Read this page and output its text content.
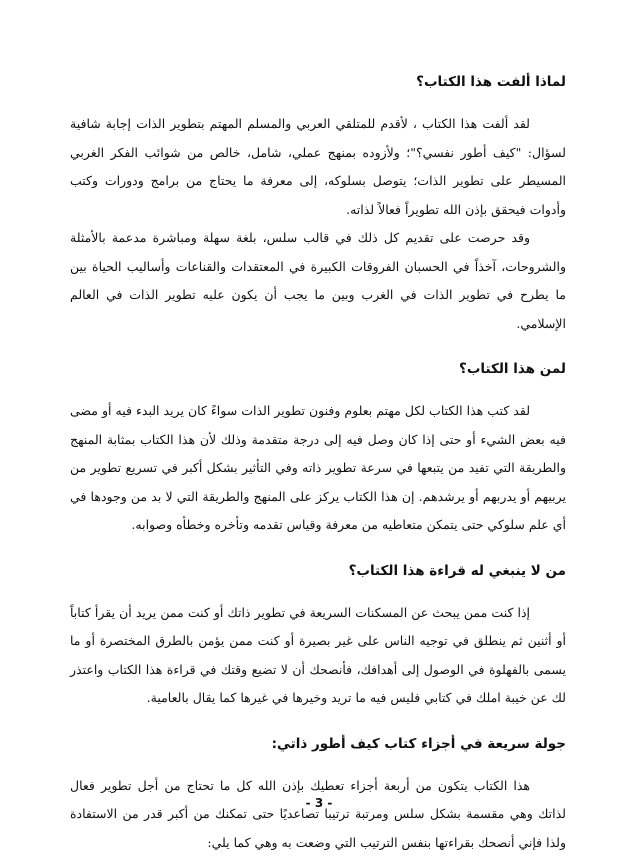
لماذا ألفت هذا الكتاب؟

لقد ألفت هذا الكتاب ، لأقدم للمتلقي العربي والمسلم المهتم بتطوير الذات إجابة شافية لسؤال: "كيف أطور نفسي؟"؛ ولأزوده بمنهج عملي، شامل، خالص من شوائب الفكر الغربي المسيطر على تطوير الذات؛ يتوصل بسلوكه، إلى معرفة ما يحتاج من برامج ودورات وكتب وأدوات فيحقق بإذن الله تطويراً فعالاً لذاته.

وقد حرصت على تقديم كل ذلك في قالب سلس، بلغة سهلة ومباشرة مدعمة بالأمثلة والشروحات، آخذاً في الحسبان الفروقات الكبيرة في المعتقدات والقناعات وأساليب الحياة بين ما يطرح في تطوير الذات في الغرب وبين ما يجب أن يكون عليه تطوير الذات في العالم الإسلامي.

لمن هذا الكتاب؟

لقد كتب هذا الكتاب لكل مهتم بعلوم وفنون تطوير الذات سواءً كان يريد البدء فيه أو مضى فيه بعض الشيء أو حتى إذا كان وصل فيه إلى درجة متقدمة وذلك لأن هذا الكتاب بمثابة المنهج والطريقة التي تفيد من يتبعها في سرعة تطوير ذاته وفي التأثير بشكل أكبر في تسريع تطوير من يربيهم أو يدربهم أو يرشدهم. إن هذا الكتاب يركز على المنهج والطريقة التي لا بد من وجودها في أي علم سلوكي حتى يتمكن متعاطيه من معرفة وقياس تقدمه وتأخره وخطأه وصوابه.

من لا ينبغي له قراءة هذا الكتاب؟

إذا كنت ممن يبحث عن المسكنات السريعة في تطوير ذاتك أو كنت ممن يريد أن يقرأ كتاباً أو أثنين ثم ينطلق في توجيه الناس على غير بصيرة أو كنت ممن يؤمن بالطرق المختصرة أو ما يسمى بالفهلوة في الوصول إلى أهدافك، فأنصحك أن لا تضيع وقتك في قراءة هذا الكتاب واعتذر لك عن خيبة املك في كتابي فليس فيه ما تريد وخيرها في غيرها كما يقال بالعامية.

جولة سريعة في أجزاء كتاب كيف أطور ذاتي:

هذا الكتاب يتكون من أربعة أجزاء تعطيك بإذن الله كل ما تحتاج من أجل تطوير فعال لذاتك وهي مقسمة بشكل سلس ومرتبة ترتيبا تصاعديًا حتى تمكنك من أكبر قدر من الاستفادة ولذا فإني أنصحك بقراءتها بنفس الترتيب التي وضعت به وهي كما يلي:

- 3 -
